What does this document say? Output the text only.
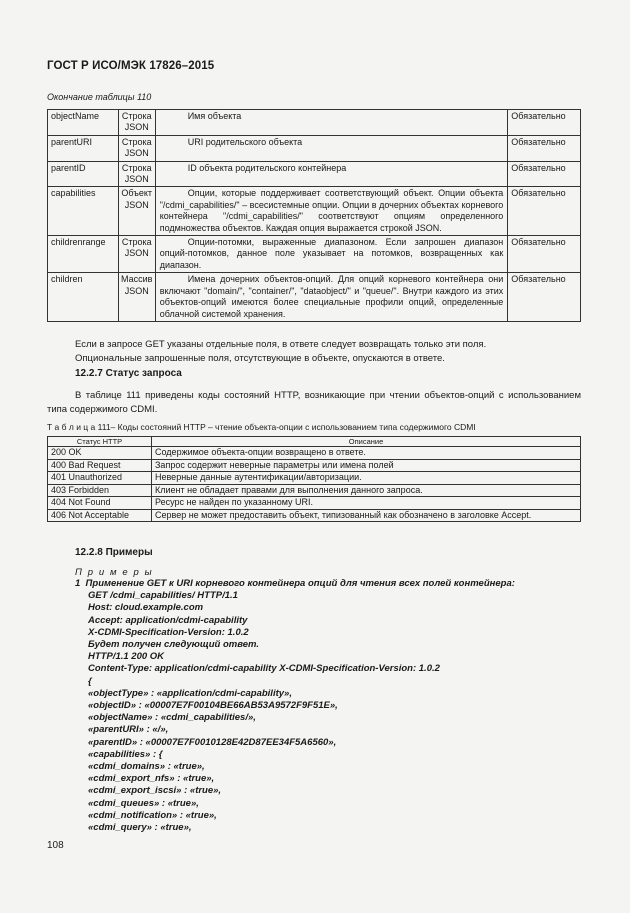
ГОСТ Р ИСО/МЭК 17826–2015
Окончание таблицы 110
objectName	Строка JSON	Имя объекта	Обязательно
parentURI	Строка JSON	URI родительского объекта	Обязательно
parentID	Строка JSON	ID объекта родительского контейнера	Обязательно
capabilities	Объект JSON	Опции, которые поддерживает соответствующий объект. Опции объекта "/cdmi_capabilities/" – всесистемные опции. Опции в дочерних объектах корневого контейнера "/cdmi_capabilities/" соответствуют опциям определенного подмножества объектов. Каждая опция выражается строкой JSON.	Обязательно
childrenrange	Строка JSON	Опции-потомки, выраженные диапазоном. Если запрошен диапазон опций-потомков, данное поле указывает на потомков, возвращенных как диапазон.	Обязательно
children	Массив JSON	Имена дочерних объектов-опций. Для опций корневого контейнера они включают "domain/", "container/", "dataobject/" и "queue/". Внутри каждого из этих объектов-опций имеются более специальные профили опций, определенные облачной системой хранения.	Обязательно
Если в запросе GET указаны отдельные поля, в ответе следует возвращать только эти поля.
Опциональные запрошенные поля, отсутствующие в объекте, опускаются в ответе.
12.2.7 Статус запроса
В таблице 111 приведены коды состояний HTTP, возникающие при чтении объектов-опций с использованием типа содержимого CDMI.
Т а б л и ц а 111– Коды состояний HTTP – чтение объекта-опции с использованием типа содержимого CDMI
Статус HTTP	Описание
200 OK	Содержимое объекта-опции возвращено в ответе.
400 Bad Request	Запрос содержит неверные параметры или имена полей
401 Unauthorized	Неверные данные аутентификации/авторизации.
403 Forbidden	Клиент не обладает правами для выполнения данного запроса.
404 Not Found	Ресурс не найден по указанному URI.
406 Not Acceptable	Сервер не может предоставить объект, типизованный как обозначено в заголовке Accept.
12.2.8 Примеры
П р и м е р ы
1  Применение GET к URI корневого контейнера опций для чтения всех полей контейнера:
GET /cdmi_capabilities/ HTTP/1.1
Host: cloud.example.com
Accept: application/cdmi-capability
X-CDMI-Specification-Version: 1.0.2
Будет получен следующий ответ.
HTTP/1.1 200 OK
Content-Type: application/cdmi-capability X-CDMI-Specification-Version: 1.0.2
{
«objectType» : «application/cdmi-capability»,
«objectID» : «00007E7F00104BE66AB53A9572F9F51E»,
«objectName» : «cdmi_capabilities/»,
«parentURI» : «/»,
«parentID» : «00007E7F0010128E42D87EE34F5A6560»,
«capabilities» : {
«cdmi_domains» : «true»,
«cdmi_export_nfs» : «true»,
«cdmi_export_iscsi» : «true»,
«cdmi_queues» : «true»,
«cdmi_notification» : «true»,
«cdmi_query» : «true»,
108
